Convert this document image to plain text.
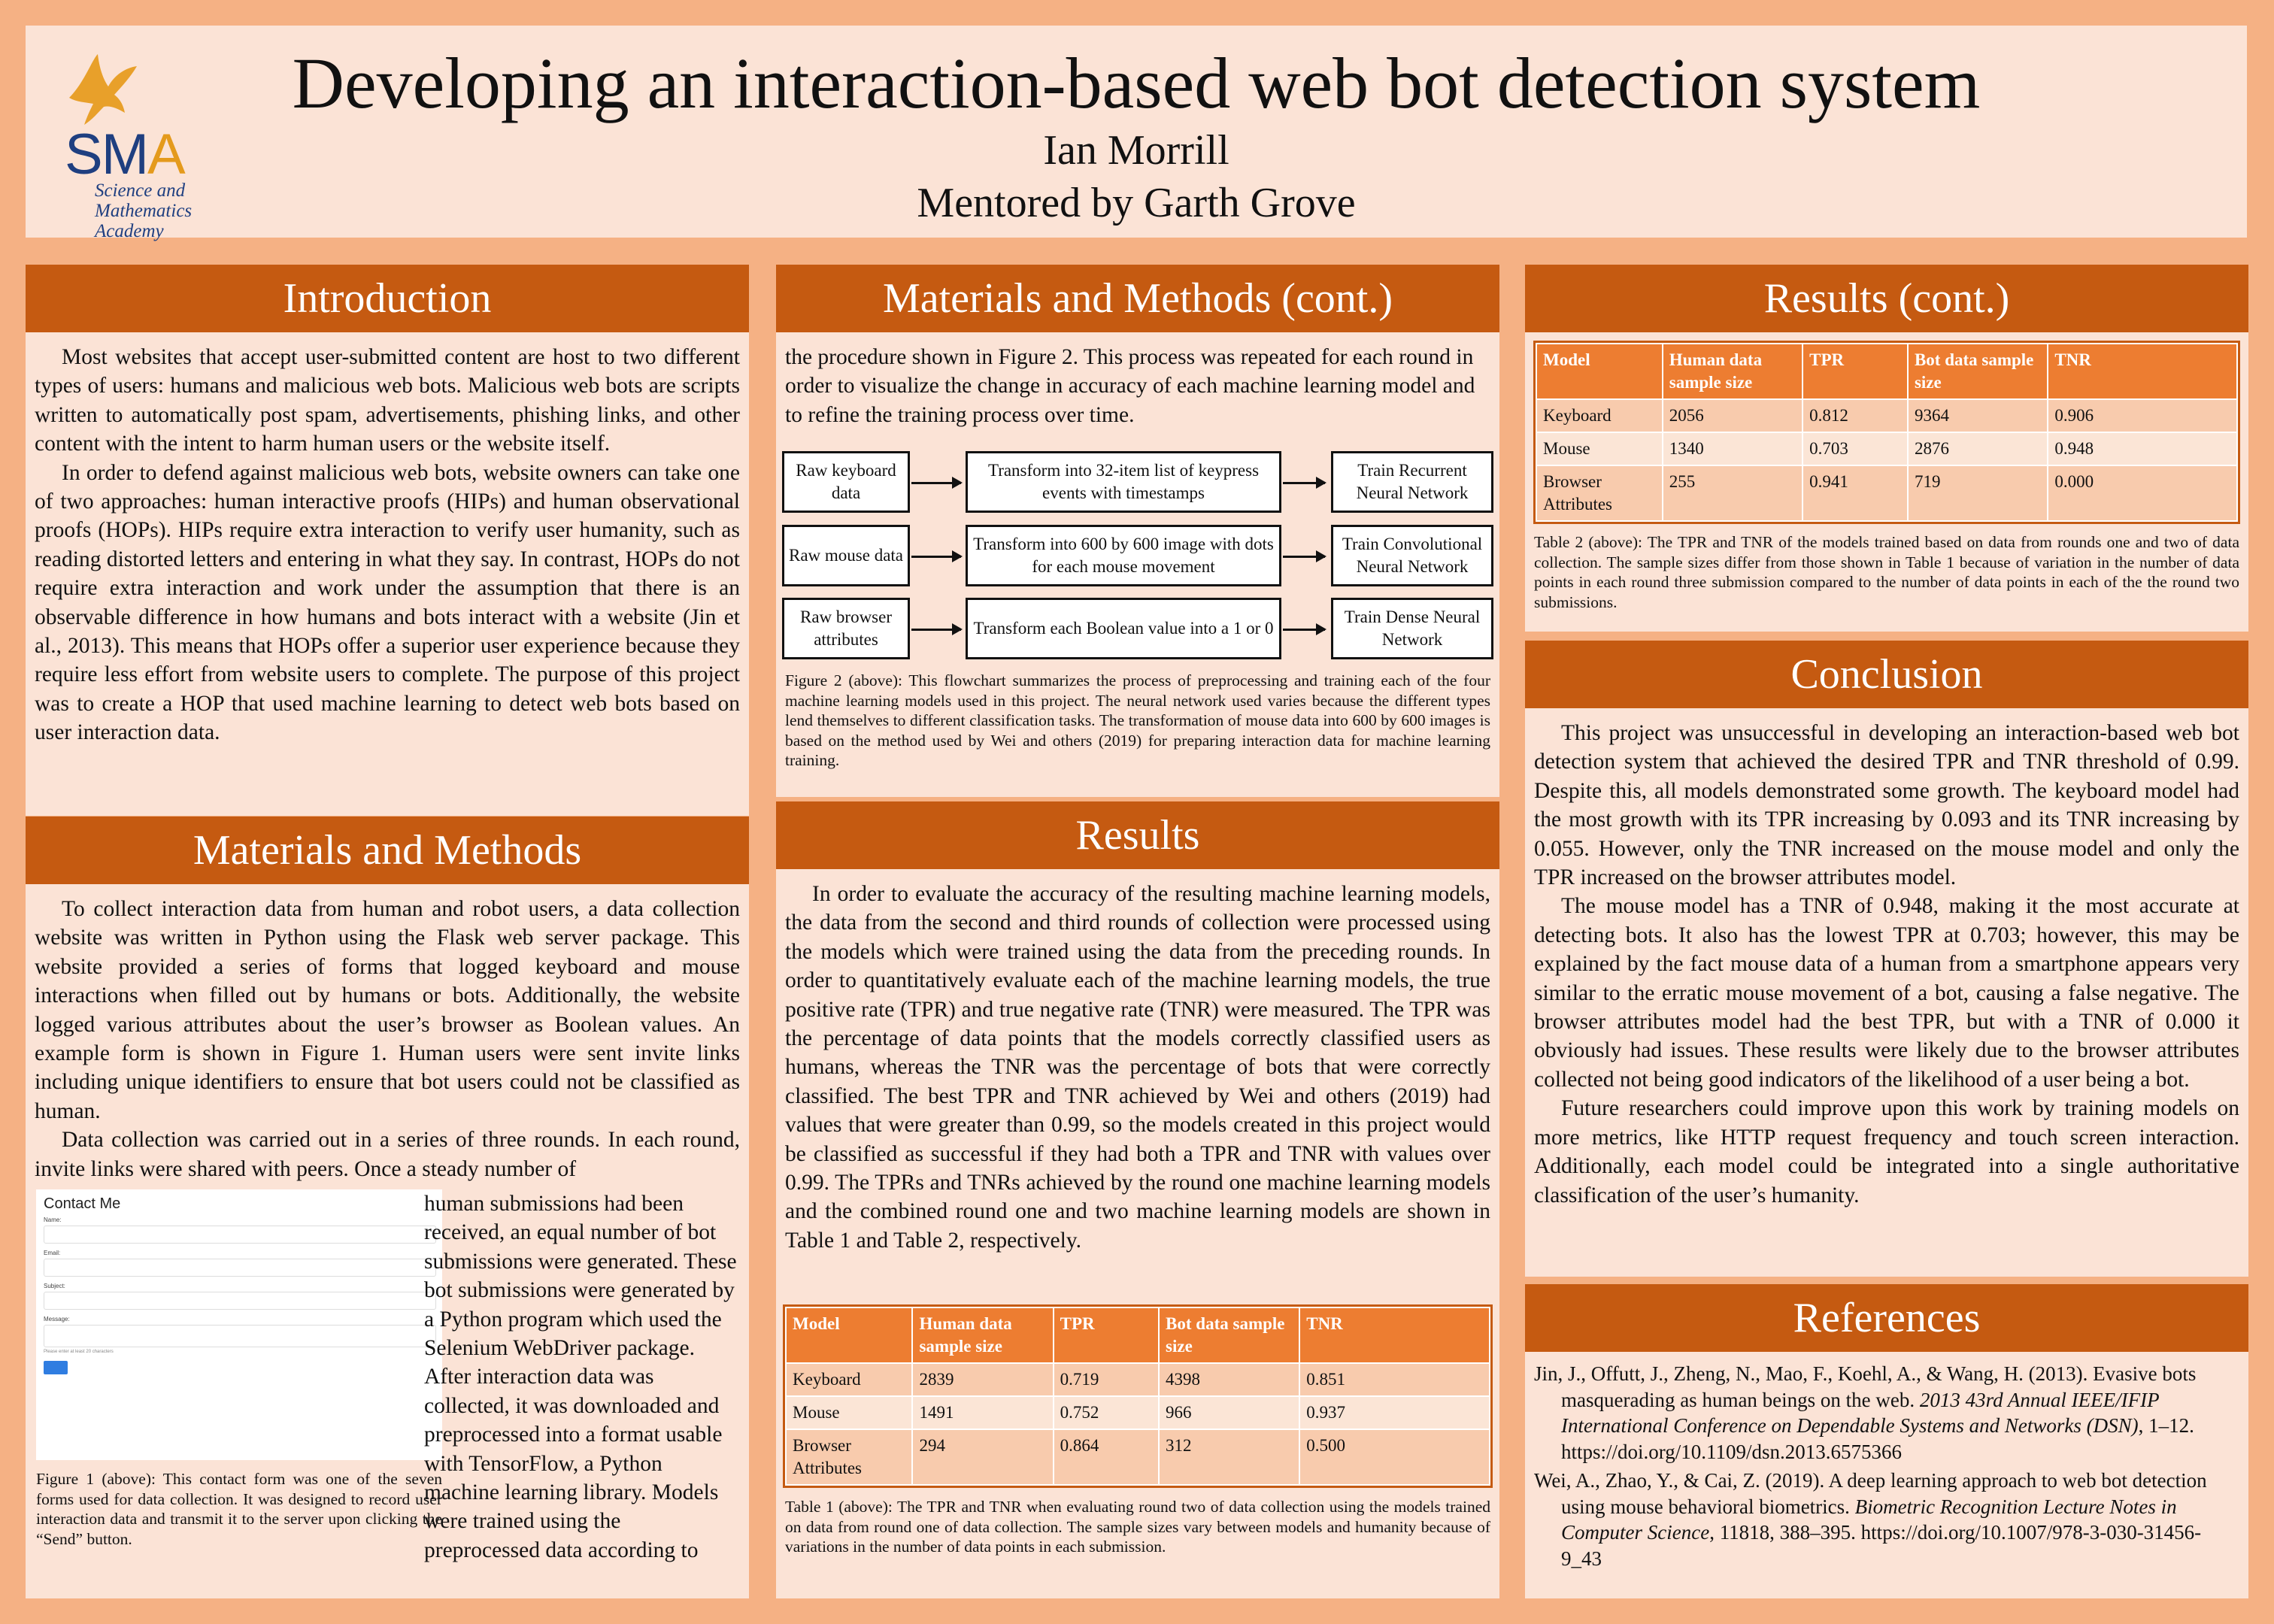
SMA
Science and
Mathematics
Academy
Developing an interaction-based web bot detection system
Ian Morrill
Mentored by Garth Grove
Introduction

Most websites that accept user-submitted content are host to two different types of users: humans and malicious web bots. Malicious web bots are scripts written to automatically post spam, advertisements, phishing links, and other content with the intent to harm human users or the website itself.

In order to defend against malicious web bots, website owners can take one of two approaches: human interactive proofs (HIPs) and human observational proofs (HOPs). HIPs require extra interaction to verify user humanity, such as reading distorted letters and entering in what they say. In contrast, HOPs do not require extra interaction and work under the assumption that there is an observable difference in how humans and bots interact with a website (Jin et al., 2013). This means that HOPs offer a superior user experience because they require less effort from website users to complete. The purpose of this project was to create a HOP that used machine learning to detect web bots based on user interaction data.

Materials and Methods

To collect interaction data from human and robot users, a data collection website was written in Python using the Flask web server package. This website provided a series of forms that logged keyboard and mouse interactions when filled out by humans or bots. Additionally, the website logged various attributes about the user’s browser as Boolean values. An example form is shown in Figure 1. Human users were sent invite links including unique identifiers to ensure that bot users could not be classified as human.

Data collection was carried out in a series of three rounds. In each round, invite links were shared with peers. Once a steady number of

Contact Me
Name:
Email:
Subject:
Message:
Please enter at least 20 characters
Figure 1 (above): This contact form was one of the seven forms used for data collection. It was designed to record user interaction data and transmit it to the server upon clicking the “Send” button.

human submissions had been received, an equal number of bot submissions were generated. These bot submissions were generated by a Python program which used the Selenium WebDriver package. After interaction data was collected, it was downloaded and preprocessed into a format usable with TensorFlow, a Python machine learning library. Models were trained using the preprocessed data according to

Materials and Methods (cont.)

the procedure shown in Figure 2. This process was repeated for each round in order to visualize the change in accuracy of each machine learning model and to refine the training process over time.

Raw keyboard data
Transform into 32-item list of keypress events with timestamps
Train Recurrent Neural Network
Raw mouse data
Transform into 600 by 600 image with dots for each mouse movement
Train Convolutional Neural Network
Raw browser attributes
Transform each Boolean value into a 1 or 0
Train Dense Neural Network
Figure 2 (above): This flowchart summarizes the process of preprocessing and training each of the four machine learning models used in this project. The neural network used varies because the different types lend themselves to different classification tasks. The transformation of mouse data into 600 by 600 images is based on the method used by Wei and others (2019) for preparing interaction data for machine learning training.
Results

In order to evaluate the accuracy of the resulting machine learning models, the data from the second and third rounds of collection were processed using the models which were trained using the data from the preceding rounds. In order to quantitatively evaluate each of the machine learning models, the true positive rate (TPR) and true negative rate (TNR) were measured. The TPR was the percentage of data points that the models correctly classified users as humans, whereas the TNR was the percentage of bots that were correctly classified. The best TPR and TNR achieved by Wei and others (2019) had values that were greater than 0.99, so the models created in this project would be classified as successful if they had both a TPR and TNR with values over 0.99. The TPRs and TNRs achieved by the round one machine learning models and the combined round one and two machine learning models are shown in Table 1 and Table 2, respectively.

Model	Human data sample size	TPR	Bot data sample size	TNR
Keyboard	2839	0.719	4398	0.851
Mouse	1491	0.752	966	0.937
Browser Attributes	294	0.864	312	0.500
Table 1 (above): The TPR and TNR when evaluating round two of data collection using the models trained on data from round one of data collection. The sample sizes vary between models and humanity because of variations in the number of data points in each submission.
Results (cont.)
Model	Human data sample size	TPR	Bot data sample size	TNR
Keyboard	2056	0.812	9364	0.906
Mouse	1340	0.703	2876	0.948
Browser Attributes	255	0.941	719	0.000
Table 2 (above): The TPR and TNR of the models trained based on data from rounds one and two of data collection. The sample sizes differ from those shown in Table 1 because of variation in the number of data points in each round three submission compared to the number of data points in each of the the round two submissions.
Conclusion

This project was unsuccessful in developing an interaction-based web bot detection system that achieved the desired TPR and TNR threshold of 0.99. Despite this, all models demonstrated some growth. The keyboard model had the most growth with its TPR increasing by 0.093 and its TNR increasing by 0.055. However, only the TNR increased on the mouse model and only the TPR increased on the browser attributes model.

The mouse model has a TNR of 0.948, making it the most accurate at detecting bots. It also has the lowest TPR at 0.703; however, this may be explained by the fact mouse data of a human from a smartphone appears very similar to the erratic mouse movement of a bot, causing a false negative. The browser attributes model had the best TPR, but with a TNR of 0.000 it obviously had issues. These results were likely due to the browser attributes collected not being good indicators of the likelihood of a user being a bot.

Future researchers could improve upon this work by training models on more metrics, like HTTP request frequency and touch screen interaction. Additionally, each model could be integrated into a single authoritative classification of the user’s humanity.

References

Jin, J., Offutt, J., Zheng, N., Mao, F., Koehl, A., & Wang, H. (2013). Evasive bots masquerading as human beings on the web. 2013 43rd Annual IEEE/IFIP International Conference on Dependable Systems and Networks (DSN), 1–12. https://doi.org/10.1109/dsn.2013.6575366

Wei, A., Zhao, Y., & Cai, Z. (2019). A deep learning approach to web bot detection using mouse behavioral biometrics. Biometric Recognition Lecture Notes in Computer Science, 11818, 388–395. https://doi.org/10.1007/978-3-030-31456-9_43
